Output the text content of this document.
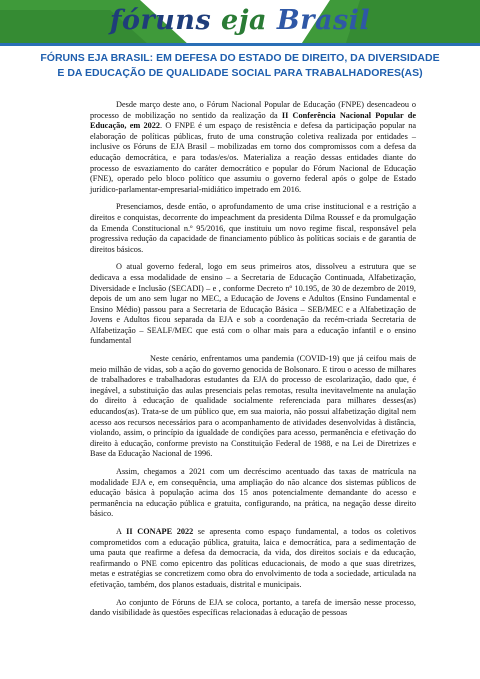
fóruns eja Brasil
FÓRUNS EJA BRASIL: EM DEFESA DO ESTADO DE DIREITO, DA DIVERSIDADE E DA EDUCAÇÃO DE QUALIDADE SOCIAL PARA TRABALHADORES(AS)

Desde março deste ano, o Fórum Nacional Popular de Educação (FNPE) desencadeou o processo de mobilização no sentido da realização da II Conferência Nacional Popular de Educação, em 2022. O FNPE é um espaço de resistência e defesa da participação popular na elaboração de políticas públicas, fruto de uma construção coletiva realizada por entidades – inclusive os Fóruns de EJA Brasil – mobilizadas em torno dos compromissos com a defesa da educação democrática, e para todas/es/os. Materializa a reação dessas entidades diante do processo de esvaziamento do caráter democrático e popular do Fórum Nacional de Educação (FNE), operado pelo bloco político que assumiu o governo federal após o golpe de Estado jurídico-parlamentar-empresarial-midiático impetrado em 2016.

Presenciamos, desde então, o aprofundamento de uma crise institucional e a restrição a direitos e conquistas, decorrente do impeachment da presidenta Dilma Roussef e da promulgação da Emenda Constitucional n.º 95/2016, que instituiu um novo regime fiscal, responsável pela progressiva redução da capacidade de financiamento público às políticas sociais e de garantia de direitos básicos.

O atual governo federal, logo em seus primeiros atos, dissolveu a estrutura que se dedicava a essa modalidade de ensino – a Secretaria de Educação Continuada, Alfabetização, Diversidade e Inclusão (SECADI) – e , conforme Decreto nº 10.195, de 30 de dezembro de 2019, depois de um ano sem lugar no MEC, a Educação de Jovens e Adultos (Ensino Fundamental e Ensino Médio) passou para a Secretaria de Educação Básica – SEB/MEC e a Alfabetização de Jovens e Adultos ficou separada da EJA e sob a coordenação da recém-criada Secretaria de Alfabetização – SEALF/MEC que está com o olhar mais para a educação infantil e o ensino fundamental

Neste cenário, enfrentamos uma pandemia (COVID-19) que já ceifou mais de meio milhão de vidas, sob a ação do governo genocida de Bolsonaro. E tirou o acesso de milhares de trabalhadores e trabalhadoras estudantes da EJA do processo de escolarização, dado que, é inegável, a substituição das aulas presenciais pelas remotas, resulta inevitavelmente na anulação do direito à educação de qualidade socialmente referenciada para milhares desses(as) educandos(as). Trata-se de um público que, em sua maioria, não possui alfabetização digital nem acesso aos recursos necessários para o acompanhamento de atividades desenvolvidas à distância, violando, assim, o princípio da igualdade de condições para acesso, permanência e efetivação do direito à educação, conforme previsto na Constituição Federal de 1988, e na Lei de Diretrizes e Base da Educação Nacional de 1996.

Assim, chegamos a 2021 com um decréscimo acentuado das taxas de matrícula na modalidade EJA e, em consequência, uma ampliação do não alcance dos sistemas públicos de educação básica à população acima dos 15 anos potencialmente demandante do acesso e permanência na educação pública e gratuita, configurando, na prática, na negação desse direito básico.

A II CONAPE 2022 se apresenta como espaço fundamental, a todos os coletivos comprometidos com a educação pública, gratuita, laica e democrática, para a sedimentação de uma pauta que reafirme a defesa da democracia, da vida, dos direitos sociais e da educação, reafirmando o PNE como epicentro das políticas educacionais, de modo a que suas diretrizes, metas e estratégias se concretizem como obra do envolvimento de toda a sociedade, articulada na efetivação, também, dos planos estaduais, distrital e municipais.

Ao conjunto de Fóruns de EJA se coloca, portanto, a tarefa de imersão nesse processo, dando visibilidade às questões específicas relacionadas à educação de pessoas
